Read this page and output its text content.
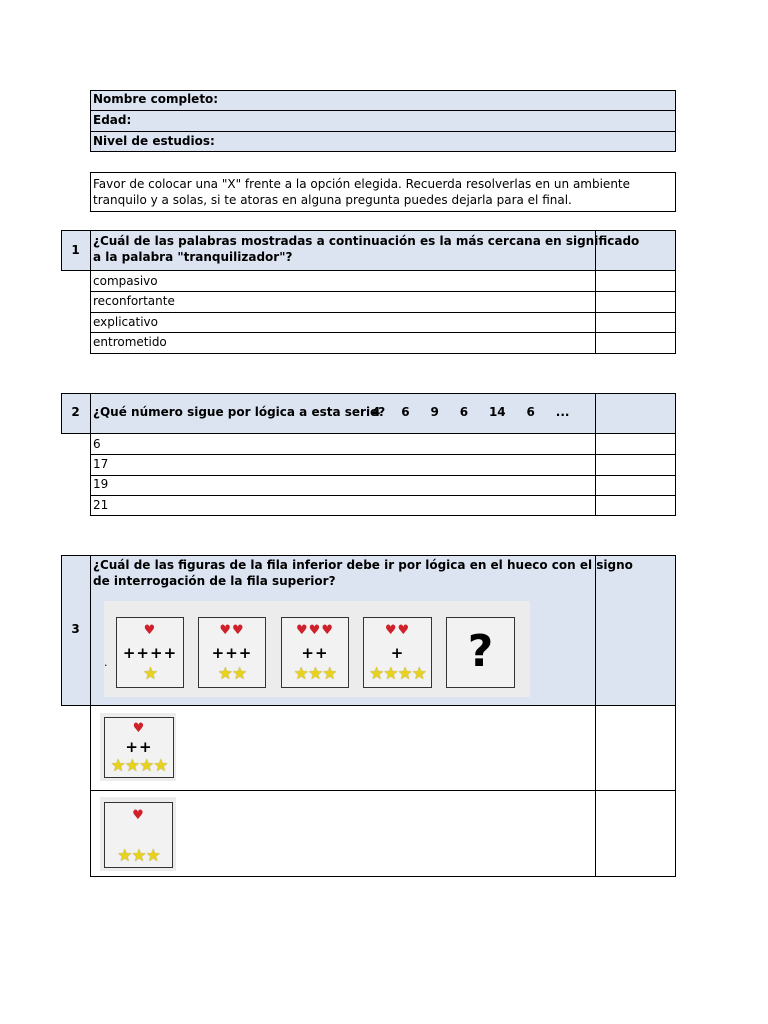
Nombre completo:
Edad:
Nivel de estudios:
Favor de colocar una "X" frente a la opción elegida. Recuerda resolverlas en un ambiente
tranquilo y a solas, si te atoras en alguna pregunta puedes dejarla para el final.
1
¿Cuál de las palabras mostradas a continuación es la más cercana en significado
a la palabra "tranquilizador"?
compasivo
reconfortante
explicativo
entrometido
2	¿Qué número sigue por lógica a esta serie?
4     6     9     6     14     6     ...
6
17
19
21
3
¿Cuál de las figuras de la fila inferior debe ir por lógica en el hueco con el signo
de interrogación de la fila superior?
·
♥
++++
★
♥♥
+++
★★
♥♥♥
++
★★★
♥♥
+
★★★★ ?
♥
++
★★★★
♥
★★★
